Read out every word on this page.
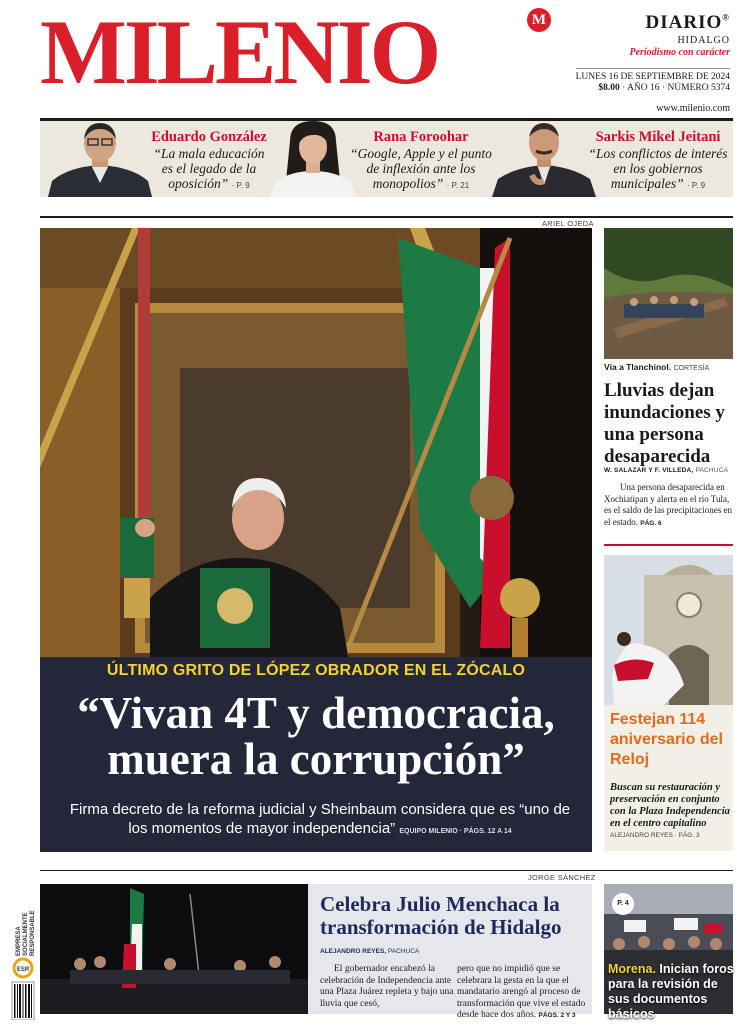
MILENIO	M	DIARIO®
HIDALGO
Periodismo con carácter
LUNES 16 DE SEPTIEMBRE DE 2024
$8.00 · AÑO 16 · NÚMERO 5374
www.milenio.com
Eduardo González
“La mala educación es el legado de la oposición” · P. 9
Rana Foroohar
“Google, Apple y el punto de inflexión ante los monopolios” · P. 21
Sarkis Mikel Jeitani
“Los conflictos de interés en los gobiernos municipales” · P. 9
ARIEL OJEDA
ÚLTIMO GRITO DE LÓPEZ OBRADOR EN EL ZÓCALO
“Vivan 4T y democracia,
muera la corrupción”
Firma decreto de la reforma judicial y Sheinbaum considera que es “uno de los momentos de mayor independencia” EQUIPO MILENIO · PÁGS. 12 A 14
Vía a Tlanchinol. CORTESÍA
Lluvias dejan inundaciones y una persona desaparecida
W. SALAZAR Y F. VILLEDA, PACHUCA
Una persona desaparecida en Xochiatipan y alerta en el río Tula, es el saldo de las precipitaciones en el estado. PÁG. 6
Festejan 114 aniversario del Reloj
Buscan su restauración y preservación en conjunto con la Plaza Independencia en el centro capitalino
ALEJANDRO REYES · PÁG. 3
JORGE SÁNCHEZ
EMPRESA SOCIALMENTE RESPONSABLE
ESR
Celebra Julio Menchaca la transformación de Hidalgo
ALEJANDRO REYES, PACHUCA
El gobernador encabezó la celebración de Independencia ante una Plaza Juárez repleta y bajo una lluvia que cesó,
pero que no impidió que se celebrara la gesta en la que el mandatario arengó al proceso de transformación que vive el estado desde hace dos años. PÁGS. 2 Y 3
P. 4
Morena. Inician foros para la revisión de sus documentos básicos
